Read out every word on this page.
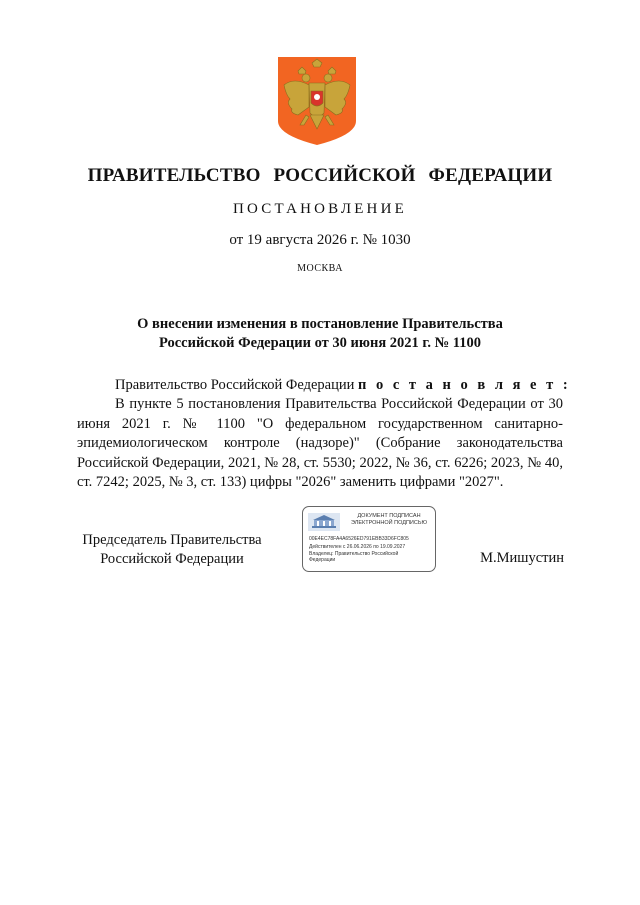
ПРАВИТЕЛЬСТВО РОССИЙСКОЙ ФЕДЕРАЦИИ
ПОСТАНОВЛЕНИЕ
от 19 августа 2026 г. № 1030
МОСКВА
О внесении изменения в постановление Правительства
Российской Федерации от 30 июня 2021 г. № 1100
Правительство Российской Федерации п о с т а н о в л я е т :
В пункте 5 постановления Правительства Российской Федерации от 30 июня 2021 г. № 1100 "О федеральном государственном санитарно-эпидемиологическом контроле (надзоре)" (Собрание законодательства Российской Федерации, 2021, № 28, ст. 5530; 2022, № 36, ст. 6226; 2023, № 40, ст. 7242; 2025, № 3, ст. 133) цифры "2026" заменить цифрами "2027".
Председатель Правительства
Российской Федерации
ДОКУМЕНТ ПОДПИСАН
ЭЛЕКТРОННОЙ ПОДПИСЬЮ
00E4EC78FA4A6526ED791EBB33D6FC805
Действителен с 26.06.2026 по 19.09.2027
Владелец: Правительство Российской
Федерации	М.Мишустин
